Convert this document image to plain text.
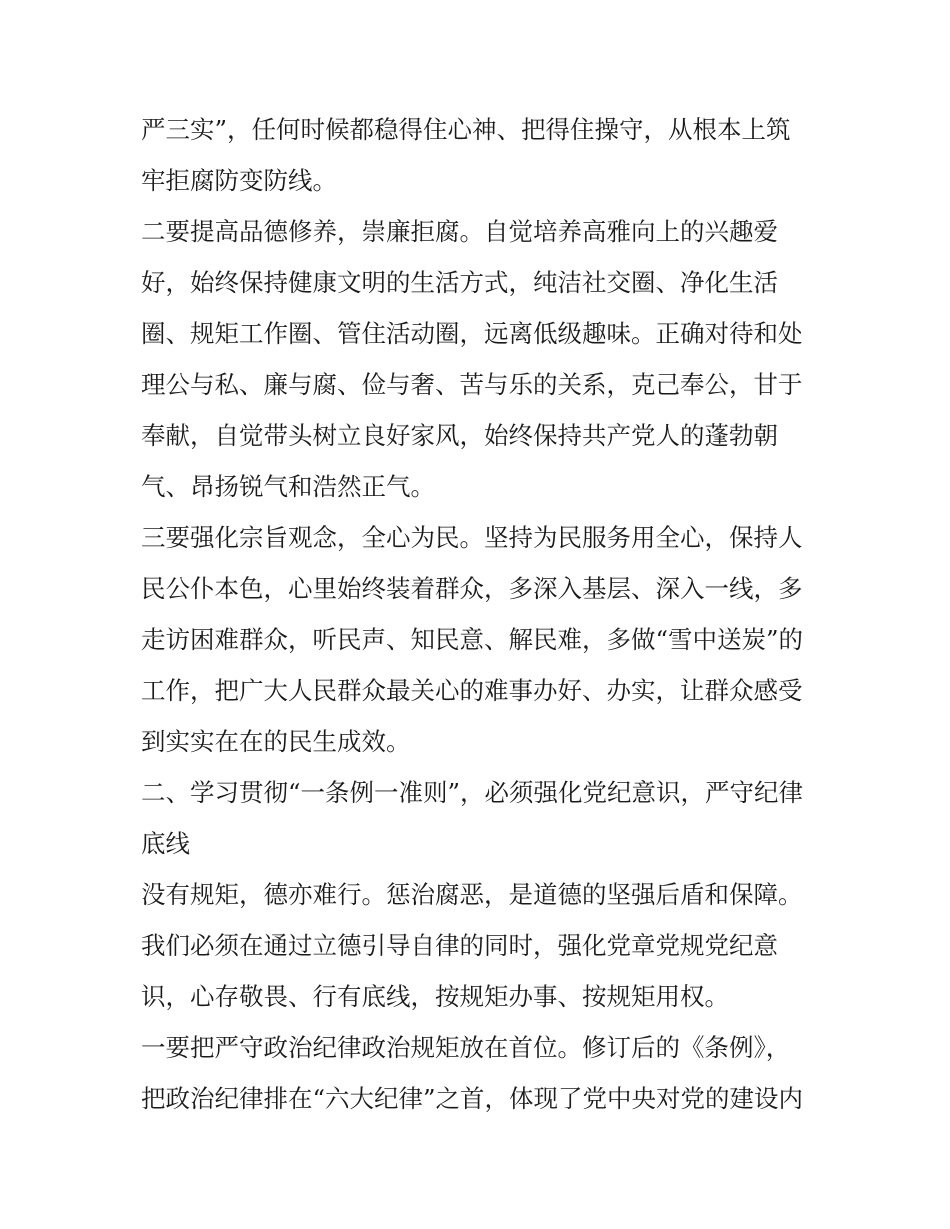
严三实”，任何时候都稳得住心神、把得住操守，从根本上筑
牢拒腐防变防线。
二要提高品德修养，崇廉拒腐。自觉培养高雅向上的兴趣爱
好，始终保持健康文明的生活方式，纯洁社交圈、净化生活
圈、规矩工作圈、管住活动圈，远离低级趣味。正确对待和处
理公与私、廉与腐、俭与奢、苦与乐的关系，克己奉公，甘于
奉献，自觉带头树立良好家风，始终保持共产党人的蓬勃朝
气、昂扬锐气和浩然正气。
三要强化宗旨观念，全心为民。坚持为民服务用全心，保持人
民公仆本色，心里始终装着群众，多深入基层、深入一线，多
走访困难群众，听民声、知民意、解民难，多做“雪中送炭”的
工作，把广大人民群众最关心的难事办好、办实，让群众感受
到实实在在的民生成效。
二、学习贯彻“一条例一准则”，必须强化党纪意识，严守纪律
底线
没有规矩，德亦难行。惩治腐恶，是道德的坚强后盾和保障。
我们必须在通过立德引导自律的同时，强化党章党规党纪意
识，心存敬畏、行有底线，按规矩办事、按规矩用权。
一要把严守政治纪律政治规矩放在首位。修订后的《条例》，
把政治纪律排在“六大纪律”之首，体现了党中央对党的建设内
